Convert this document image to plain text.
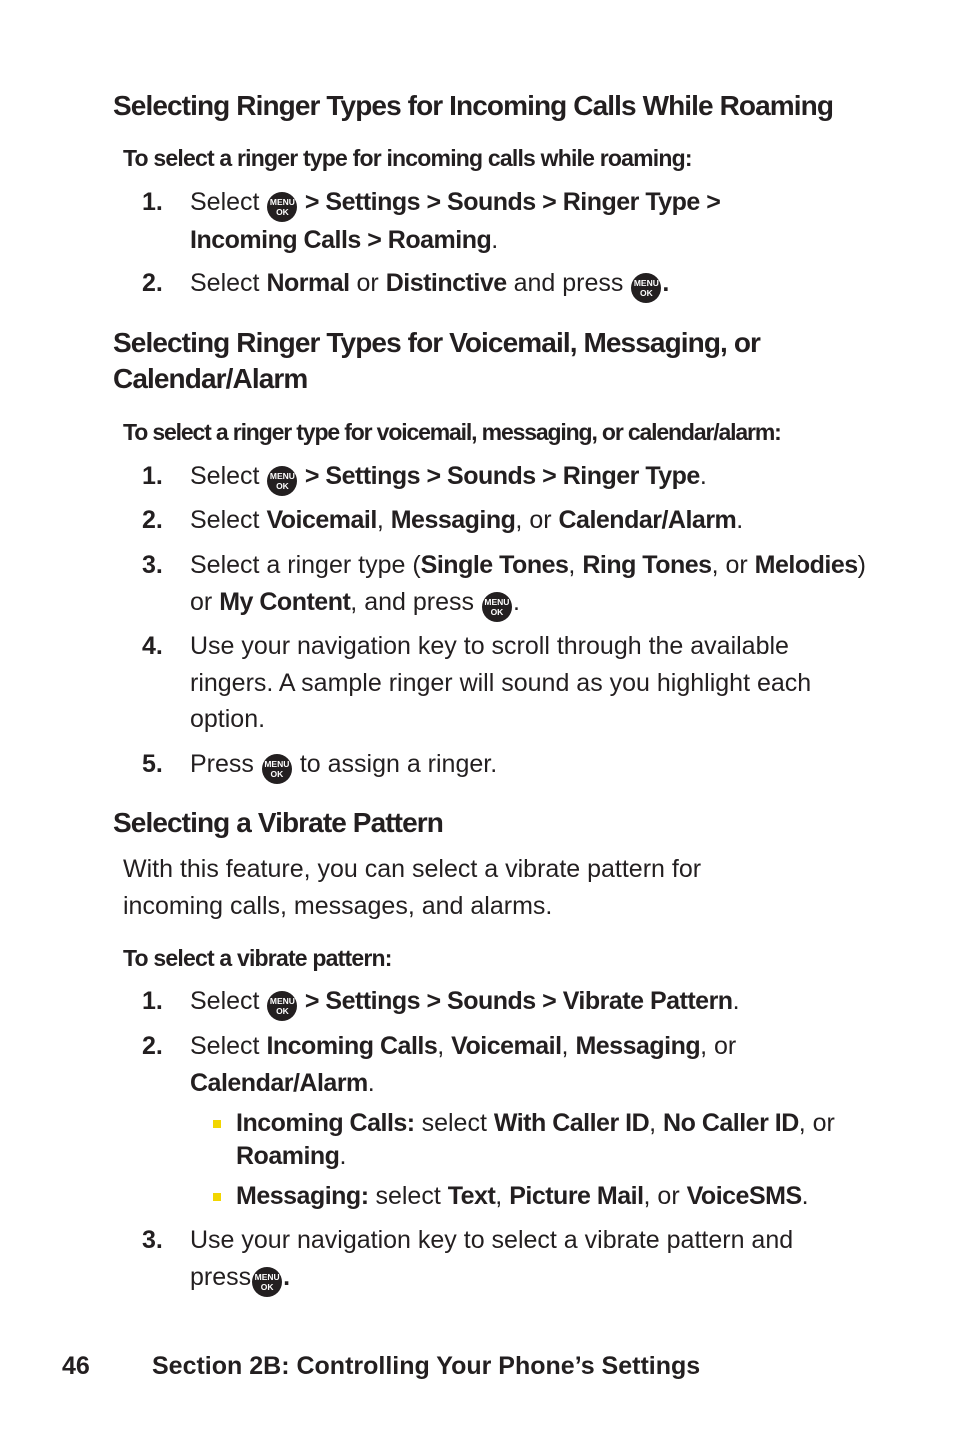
Selecting Ringer Types for Incoming Calls While Roaming

To select a ringer type for incoming calls while roaming:

1. Select MENU
OK > Settings > Sounds > Ringer Type >
Incoming Calls > Roaming.
2. Select Normal or Distinctive and press MENU
OK .
Selecting Ringer Types for Voicemail, Messaging, or
Calendar/Alarm

To select a ringer type for voicemail, messaging, or calendar/alarm:

1. Select MENU
OK > Settings > Sounds > Ringer Type.
2. Select Voicemail, Messaging, or Calendar/Alarm.
3. Select a ringer type (Single Tones, Ring Tones, or Melodies)
or My Content, and press MENU
OK .
4. Use your navigation key to scroll through the available
ringers. A sample ringer will sound as you highlight each
option.
5. Press MENU
OK to assign a ringer.
Selecting a Vibrate Pattern
With this feature, you can select a vibrate pattern for
incoming calls, messages, and alarms.

To select a vibrate pattern:

1. Select MENU
OK > Settings > Sounds > Vibrate Pattern.
2. Select Incoming Calls, Voicemail, Messaging, or
Calendar/Alarm.
Incoming Calls: select With Caller ID, No Caller ID, or
Roaming.
Messaging: select Text, Picture Mail, or VoiceSMS.
3. Use your navigation key to select a vibrate pattern and
press MENU
OK .
46 Section 2B: Controlling Your Phone’s Settings
